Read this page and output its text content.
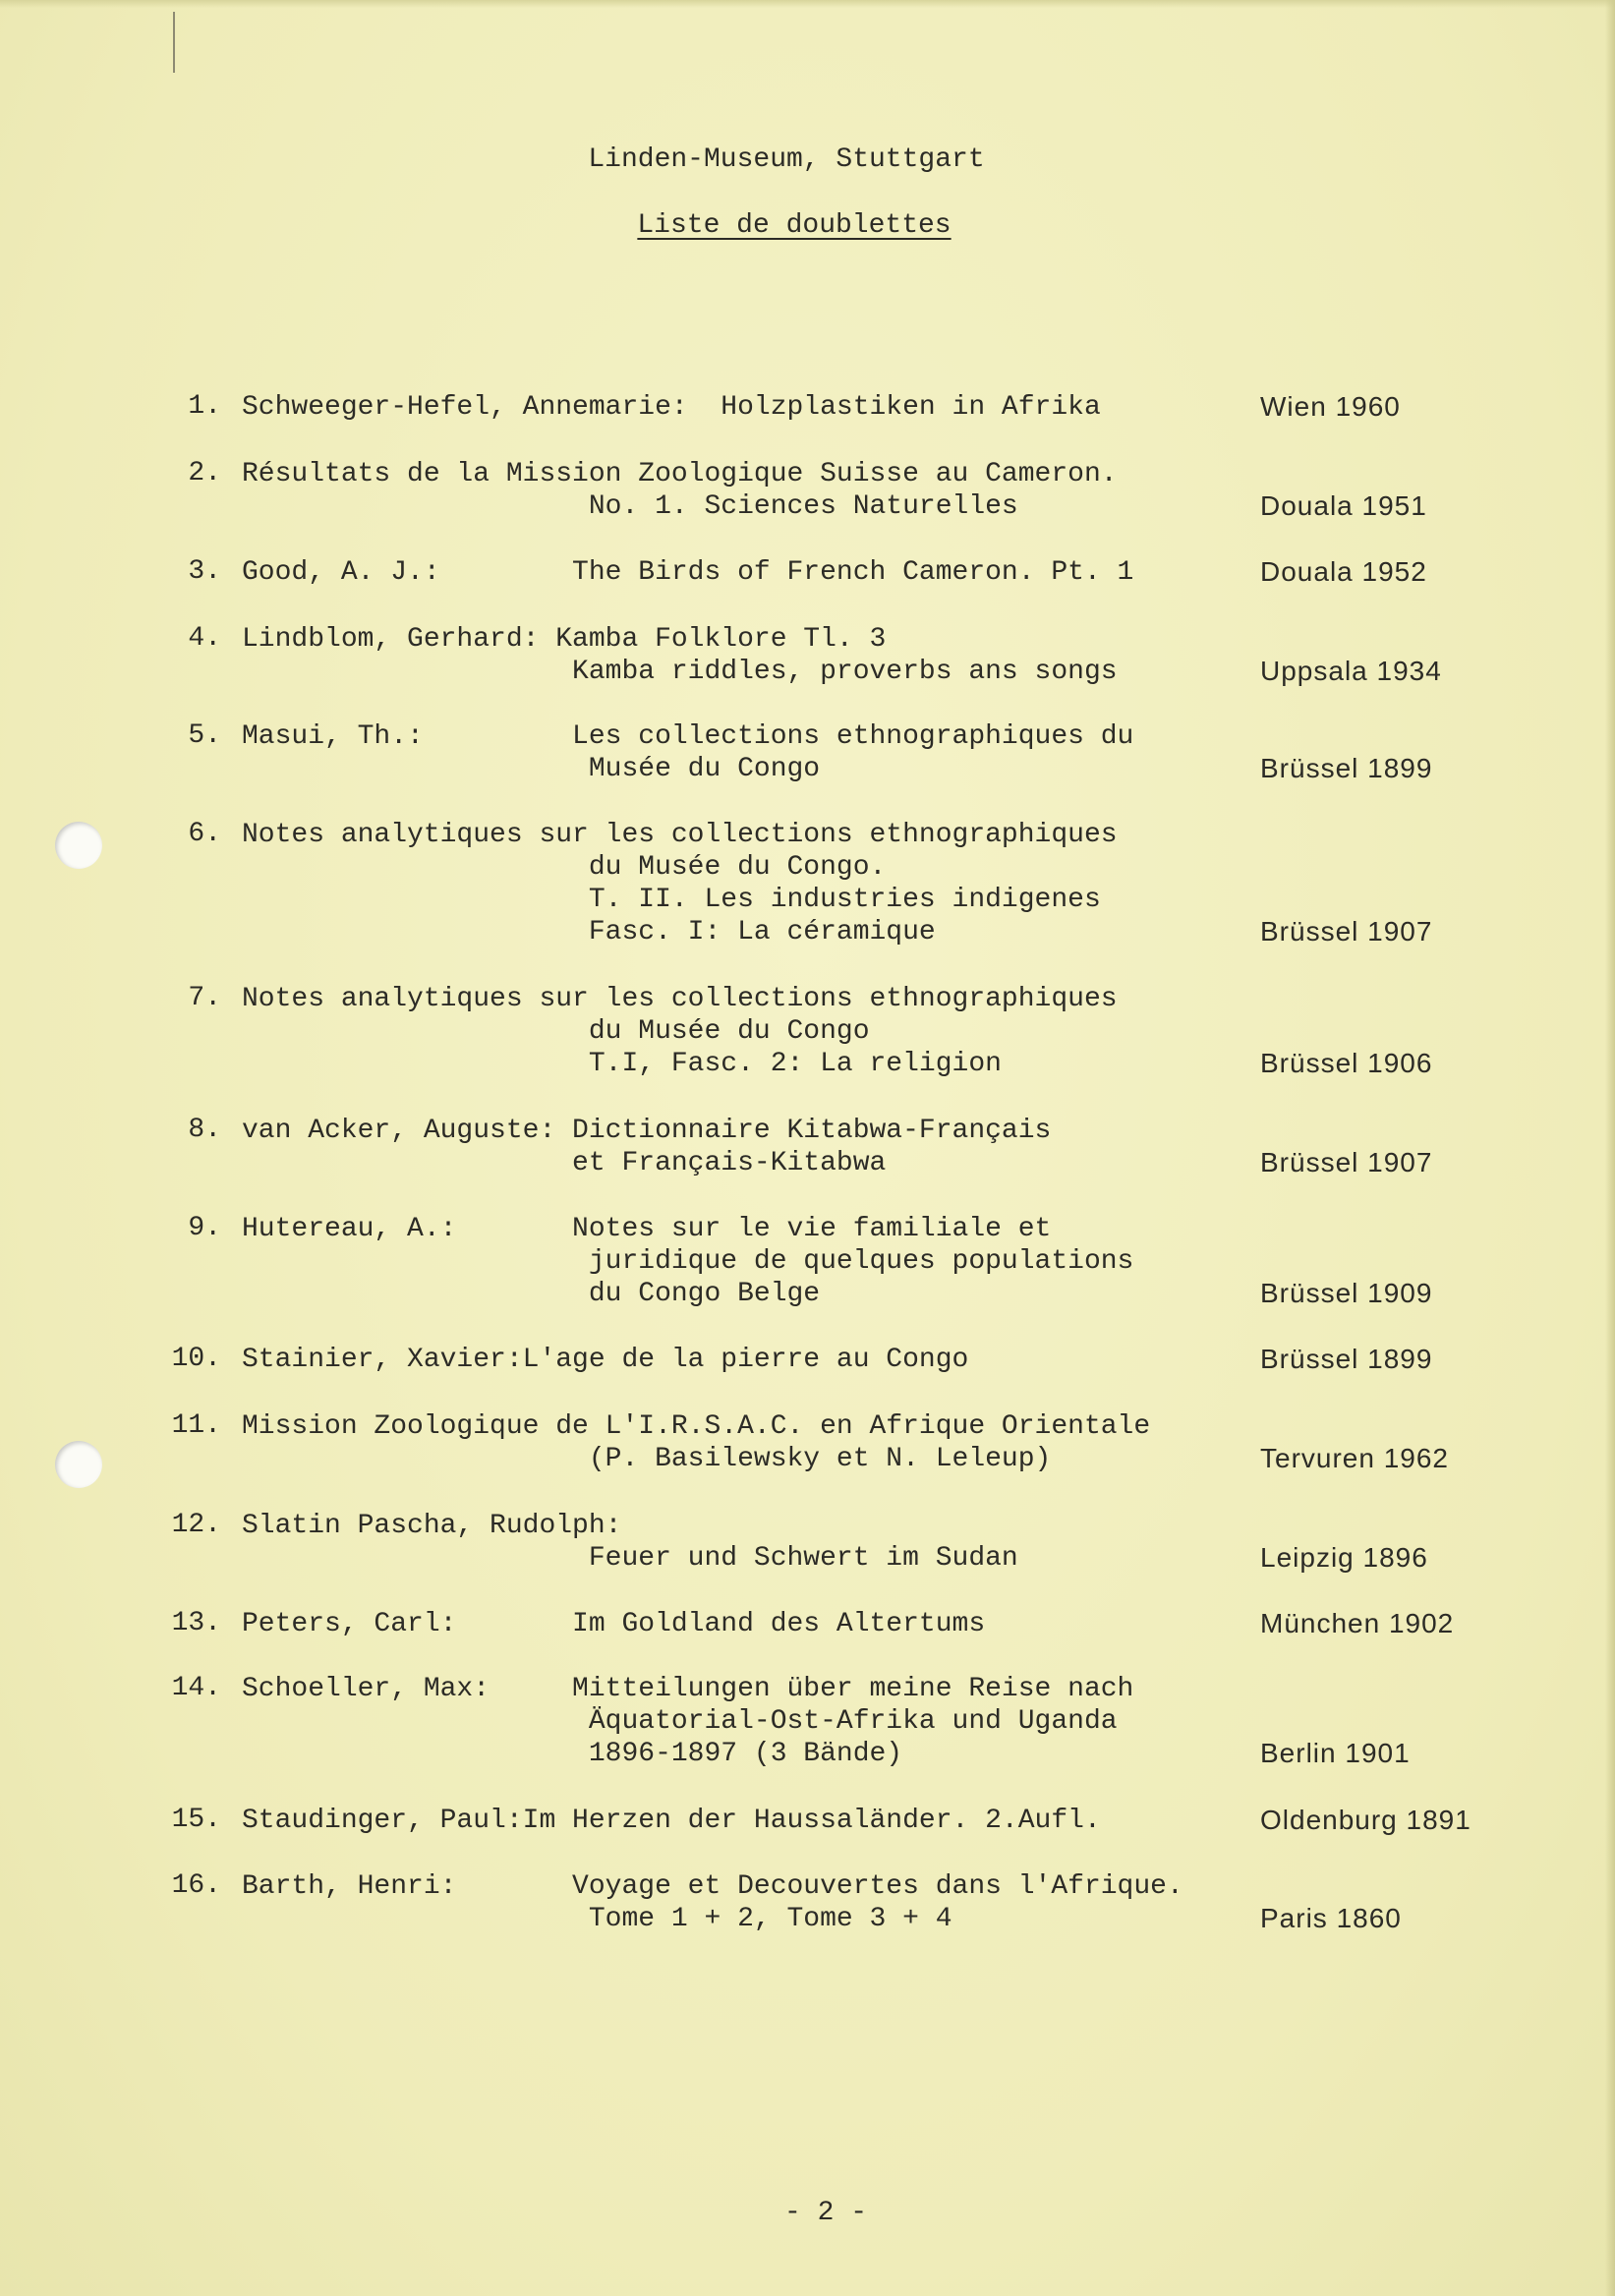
Linden-Museum, Stuttgart
Liste de doublettes
1. Schweeger-Hefel, Annemarie:  Holzplastiken in Afrika	Wien 1960
2. Résultats de la Mission Zoologique Suisse au Cameron.
No. 1. Sciences Naturelles	Douala 1951
3. Good, A. J.:        The Birds of French Cameron. Pt. 1	Douala 1952
4. Lindblom, Gerhard: Kamba Folklore Tl. 3
Kamba riddles, proverbs ans songs	Uppsala 1934
5. Masui, Th.:         Les collections ethnographiques du
Musée du Congo	Brüssel 1899
6. Notes analytiques sur les collections ethnographiques
du Musée du Congo.
T. II. Les industries indigenes
Fasc. I: La céramique	Brüssel 1907
7. Notes analytiques sur les collections ethnographiques
du Musée du Congo
T.I, Fasc. 2: La religion	Brüssel 1906
8. van Acker, Auguste: Dictionnaire Kitabwa-Français
et Français-Kitabwa	Brüssel 1907
9. Hutereau, A.:       Notes sur le vie familiale et
juridique de quelques populations
du Congo Belge	Brüssel 1909
10. Stainier, Xavier:L'age de la pierre au Congo	Brüssel 1899
11. Mission Zoologique de L'I.R.S.A.C. en Afrique Orientale
(P. Basilewsky et N. Leleup)	Tervuren 1962
12. Slatin Pascha, Rudolph:
Feuer und Schwert im Sudan	Leipzig 1896
13. Peters, Carl:       Im Goldland des Altertums	München 1902
14. Schoeller, Max:     Mitteilungen über meine Reise nach
Äquatorial-Ost-Afrika und Uganda
1896-1897 (3 Bände)	Berlin 1901
15. Staudinger, Paul:Im Herzen der Haussaländer. 2.Aufl.	Oldenburg 1891
16. Barth, Henri:       Voyage et Decouvertes dans l'Afrique.
Tome 1 + 2, Tome 3 + 4	Paris 1860
- 2 -
